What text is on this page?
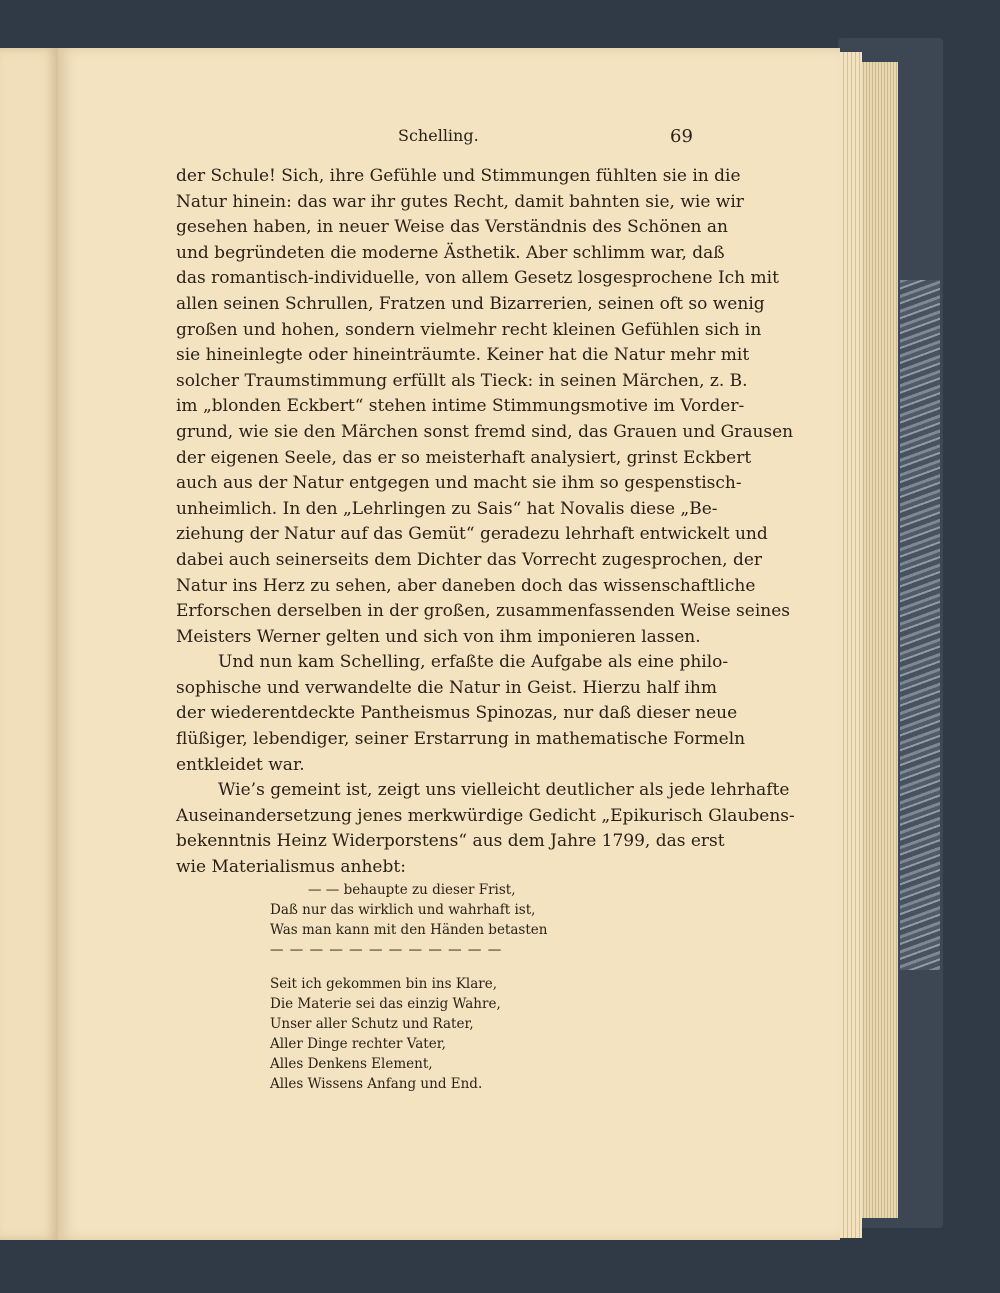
Schelling.	69
der Schule! Sich, ihre Gefühle und Stimmungen fühlten sie in die
Natur hinein: das war ihr gutes Recht, damit bahnten sie, wie wir
gesehen haben, in neuer Weise das Verständnis des Schönen an
und begründeten die moderne Ästhetik. Aber schlimm war, daß
das romantisch-individuelle, von allem Gesetz losgesprochene Ich mit
allen seinen Schrullen, Fratzen und Bizarrerien, seinen oft so wenig
großen und hohen, sondern vielmehr recht kleinen Gefühlen sich in
sie hineinlegte oder hineinträumte. Keiner hat die Natur mehr mit
solcher Traumstimmung erfüllt als Tieck: in seinen Märchen, z. B.
im „blonden Eckbert“ stehen intime Stimmungsmotive im Vorder-
grund, wie sie den Märchen sonst fremd sind, das Grauen und Grausen
der eigenen Seele, das er so meisterhaft analysiert, grinst Eckbert
auch aus der Natur entgegen und macht sie ihm so gespenstisch-
unheimlich. In den „Lehrlingen zu Sais“ hat Novalis diese „Be-
ziehung der Natur auf das Gemüt“ geradezu lehrhaft entwickelt und
dabei auch seinerseits dem Dichter das Vorrecht zugesprochen, der
Natur ins Herz zu sehen, aber daneben doch das wissenschaftliche
Erforschen derselben in der großen, zusammenfassenden Weise seines
Meisters Werner gelten und sich von ihm imponieren lassen.
Und nun kam Schelling, erfaßte die Aufgabe als eine philo-
sophische und verwandelte die Natur in Geist. Hierzu half ihm
der wiederentdeckte Pantheismus Spinozas, nur daß dieser neue
flüßiger, lebendiger, seiner Erstarrung in mathematische Formeln
entkleidet war.
Wie’s gemeint ist, zeigt uns vielleicht deutlicher als jede lehrhafte
Auseinandersetzung jenes merkwürdige Gedicht „Epikurisch Glaubens-
bekenntnis Heinz Widerporstens“ aus dem Jahre 1799, das erst
wie Materialismus anhebt:
— — behaupte zu dieser Frist,
Daß nur das wirklich und wahrhaft ist,
Was man kann mit den Händen betasten
— — — — — — — — — — — —
Seit ich gekommen bin ins Klare,
Die Materie sei das einzig Wahre,
Unser aller Schutz und Rater,
Aller Dinge rechter Vater,
Alles Denkens Element,
Alles Wissens Anfang und End.
